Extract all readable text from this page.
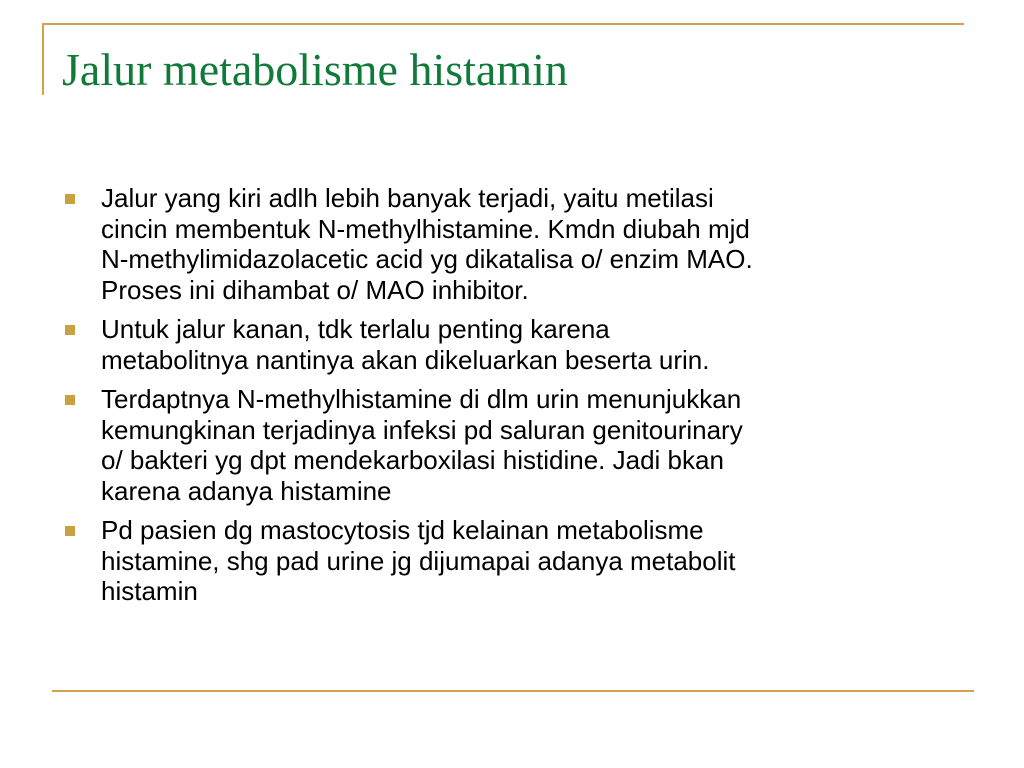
Jalur metabolisme histamin
Jalur yang kiri adlh lebih banyak terjadi, yaitu metilasi
cincin membentuk N-methylhistamine. Kmdn diubah mjd
N-methylimidazolacetic acid yg dikatalisa o/ enzim MAO.
Proses ini dihambat o/ MAO inhibitor.
Untuk jalur kanan, tdk terlalu penting karena
metabolitnya nantinya akan dikeluarkan beserta urin.
Terdaptnya N-methylhistamine di dlm urin menunjukkan
kemungkinan terjadinya infeksi pd saluran genitourinary
o/ bakteri yg dpt mendekarboxilasi histidine. Jadi bkan
karena adanya histamine
Pd pasien dg mastocytosis tjd kelainan metabolisme
histamine, shg pad urine jg dijumapai adanya metabolit
histamin
